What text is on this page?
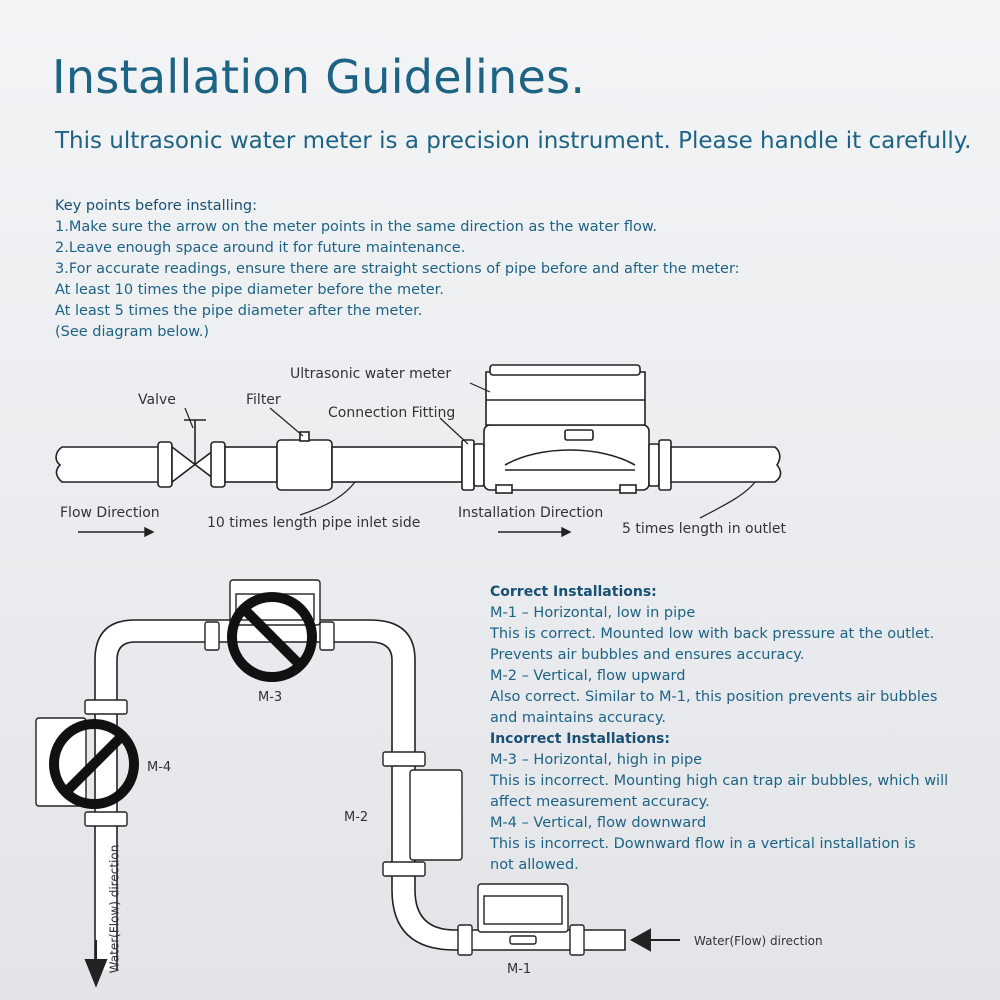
Installation Guidelines.

This ultrasonic water meter is a precision instrument. Please handle it carefully.

Key points before installing:
1.Make sure the arrow on the meter points in the same direction as the water flow.
2.Leave enough space around it for future maintenance.
3.For accurate readings, ensure there are straight sections of pipe before and after the meter:
At least 10 times the pipe diameter before the meter.
At least 5 times the pipe diameter after the meter.
(See diagram below.)
Ultrasonic water meter
Valve	Filter
Connection Fitting
Flow Direction
10 times length pipe inlet side
Installation Direction
5 times length in outlet
M-3
M-4
M-2
M-1
Water(Flow) direction
Water(Flow) direction
Correct Installations:
M-1 – Horizontal, low in pipe
This is correct. Mounted low with back pressure at the outlet.
Prevents air bubbles and ensures accuracy.
M-2 – Vertical, flow upward
Also correct. Similar to M-1, this position prevents air bubbles
and maintains accuracy.
Incorrect Installations:
M-3 – Horizontal, high in pipe
This is incorrect. Mounting high can trap air bubbles, which will
affect measurement accuracy.
M-4 – Vertical, flow downward
This is incorrect. Downward flow in a vertical installation is
not allowed.
